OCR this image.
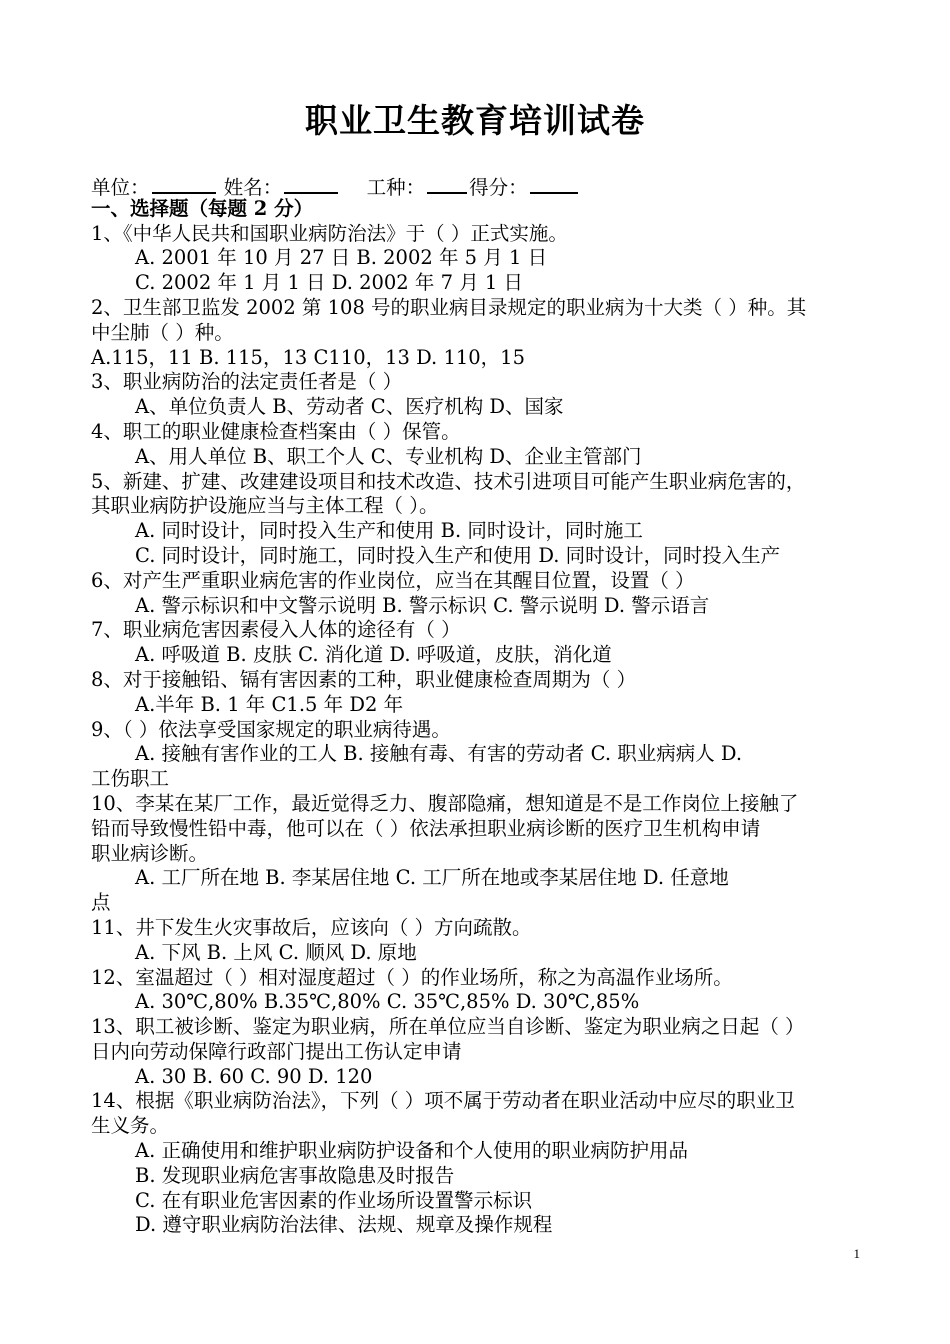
职业卫生教育培训试卷
单位：	姓名：	工种： 得分：
一、选择题（每题 2 分）
1、《中华人民共和国职业病防治法》于（ ）正式实施。
A. 2001 年 10 月 27 日 B. 2002 年 5 月 1 日
C. 2002 年 1 月 1 日 D. 2002 年 7 月 1 日
2、卫生部卫监发 2002 第 108 号的职业病目录规定的职业病为十大类（ ）种。其
中尘肺（ ）种。
A.115，11 B. 115，13 C110，13 D. 110，15
3、职业病防治的法定责任者是（ ）
A、单位负责人 B、劳动者 C、医疗机构 D、国家
4、职工的职业健康检查档案由（ ）保管。
A、用人单位 B、职工个人 C、专业机构 D、企业主管部门
5、新建、扩建、改建建设项目和技术改造、技术引进项目可能产生职业病危害的，
其职业病防护设施应当与主体工程（ ）。
A. 同时设计，同时投入生产和使用 B. 同时设计，同时施工
C. 同时设计，同时施工，同时投入生产和使用 D. 同时设计，同时投入生产
6、对产生严重职业病危害的作业岗位，应当在其醒目位置，设置（ ）
A. 警示标识和中文警示说明 B. 警示标识 C. 警示说明 D. 警示语言
7、职业病危害因素侵入人体的途径有（ ）
A. 呼吸道 B. 皮肤 C. 消化道 D. 呼吸道，皮肤，消化道
8、对于接触铅、镉有害因素的工种，职业健康检查周期为（ ）
A.半年 B. 1 年 C1.5 年 D2 年
9、（ ）依法享受国家规定的职业病待遇。
A. 接触有害作业的工人 B. 接触有毒、有害的劳动者 C. 职业病病人 D.
工伤职工
10、李某在某厂工作，最近觉得乏力、腹部隐痛，想知道是不是工作岗位上接触了
铅而导致慢性铅中毒，他可以在（ ）依法承担职业病诊断的医疗卫生机构申请
职业病诊断。
A. 工厂所在地 B. 李某居住地 C. 工厂所在地或李某居住地 D. 任意地
点
11、井下发生火灾事故后，应该向（ ）方向疏散。
A. 下风 B. 上风 C. 顺风 D. 原地
12、室温超过（ ）相对湿度超过（ ）的作业场所，称之为高温作业场所。
A. 30℃,80% B.35℃,80% C. 35℃,85% D. 30℃,85%
13、职工被诊断、鉴定为职业病，所在单位应当自诊断、鉴定为职业病之日起（ ）
日内向劳动保障行政部门提出工伤认定申请
A. 30 B. 60 C. 90 D. 120
14、根据《职业病防治法》，下列（ ）项不属于劳动者在职业活动中应尽的职业卫
生义务。
A. 正确使用和维护职业病防护设备和个人使用的职业病防护用品
B. 发现职业病危害事故隐患及时报告
C. 在有职业危害因素的作业场所设置警示标识
D. 遵守职业病防治法律、法规、规章及操作规程
1
